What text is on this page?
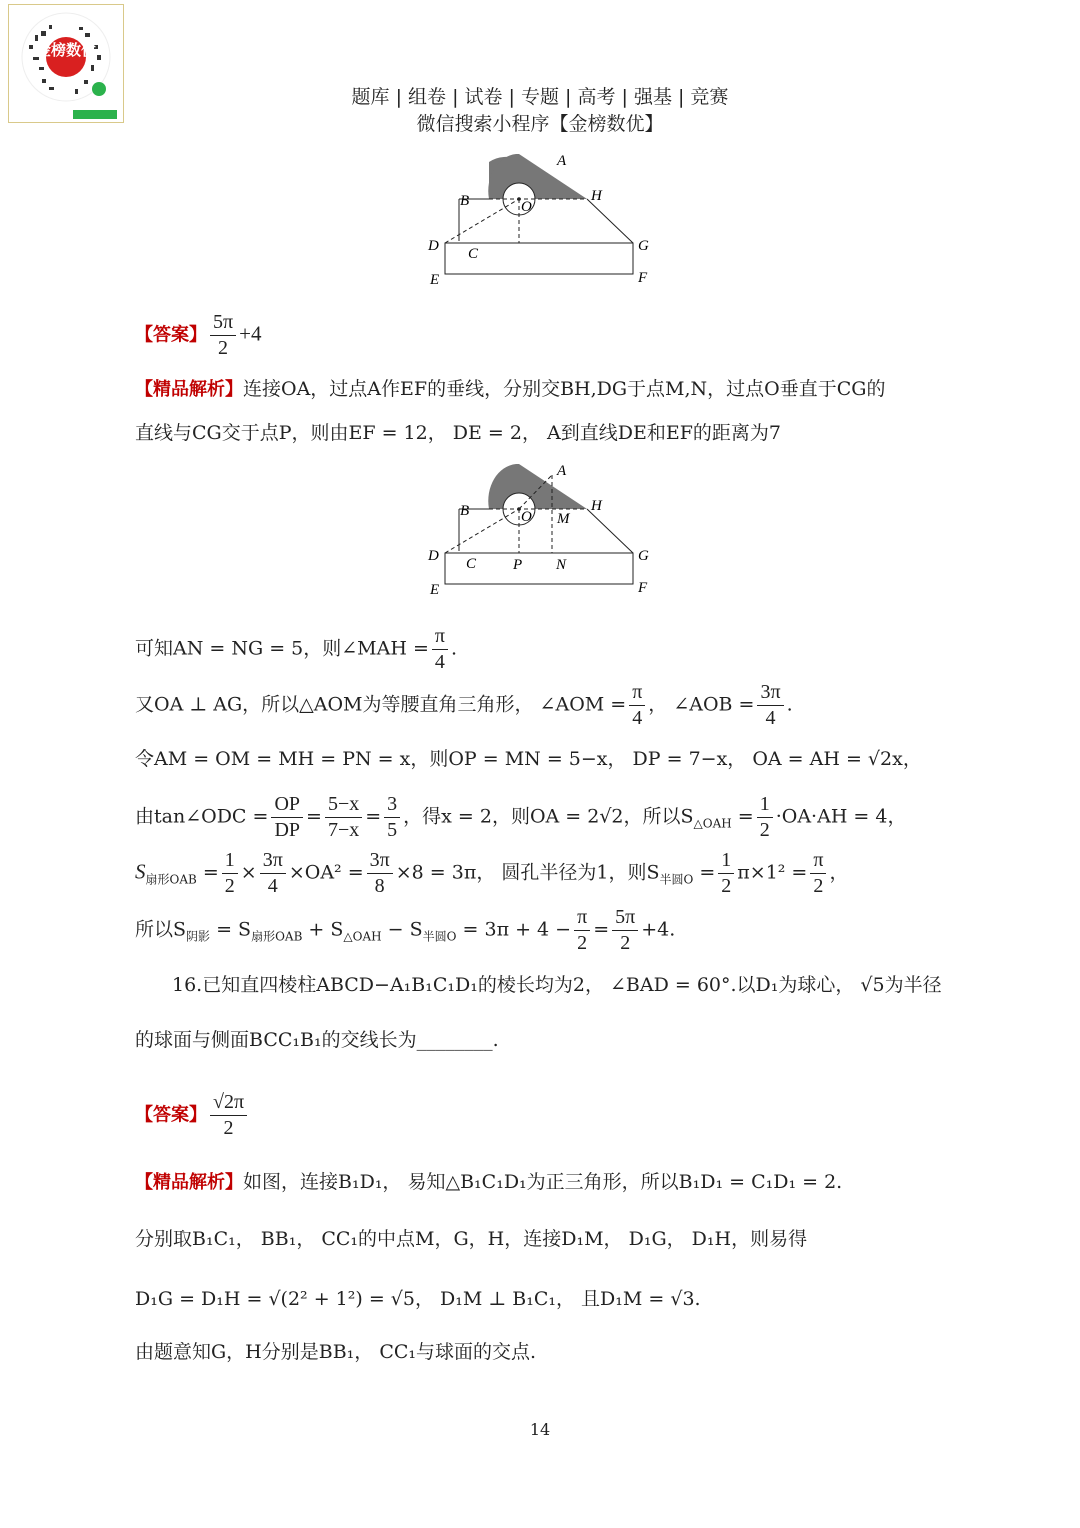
金榜数优
题库 | 组卷 | 试卷 | 专题 | 高考 | 强基 | 竞赛
微信搜索小程序【金榜数优】
A
B	H
O
D C	G
E	F
【答案】 $\frac{5\pi}{2} +4$
【精品解析】连接OA，过点A作EF的垂线，分别交BH,DG于点M,N，过点O垂直于CG的
直线与CG交于点P，则由EF = 12， DE = 2， A到直线DE和EF的距离为7
A
B	H
O M
D C P N
G
E	F
可知AN = NG = 5，则∠MAH = $\frac{\pi}{4}$ .
又OA ⊥ AG，所以△AOM为等腰直角三角形， ∠AOM = $\frac{\pi}{4}$ ， ∠AOB = $\frac{3\pi}{4}$ .
令AM = OM = MH = PN = x，则OP = MN = 5−x， DP = 7−x， OA = AH = √2x，
由tan∠ODC = $\frac{OP}{DP} = \frac{5-x}{7-x} = \frac{3}{5}$ ，得x = 2，则OA = 2√2，所以$S_{\triangle OAH} = \frac{1}{2} \cdot OA\cdot AH = 4$，
$S_{扇形OAB} = \frac{1}{2} \times \frac{3\pi}{4} \times OA^2 = \frac{3\pi}{8} \times 8 = 3\pi$， 圆孔半径为1，则$S_{半圆O} = \frac{1}{2} \pi\times 1^2 = \frac{\pi}{2}$ ，
所以$S_{阴影} = S_{扇形OAB} + S_{\triangle OAH} - S_{半圆O} = 3\pi + 4 - \frac{\pi}{2} = \frac{5\pi}{2} +4$.
16.已知直四棱柱ABCD−A₁B₁C₁D₁的棱长均为2， ∠BAD = 60°.以D₁为球心， √5为半径
的球面与侧面BCC₁B₁的交线长为________.
【答案】 $\frac{√2\pi}{2}$
【精品解析】如图，连接B₁D₁， 易知△B₁C₁D₁为正三角形，所以B₁D₁ = C₁D₁ = 2.
分别取B₁C₁， BB₁， CC₁的中点M，G，H，连接D₁M， D₁G， D₁H，则易得
D₁G = D₁H = √(2² + 1²) = √5， D₁M ⊥ B₁C₁， 且D₁M = √3.
由题意知G，H分别是BB₁， CC₁与球面的交点.
14
